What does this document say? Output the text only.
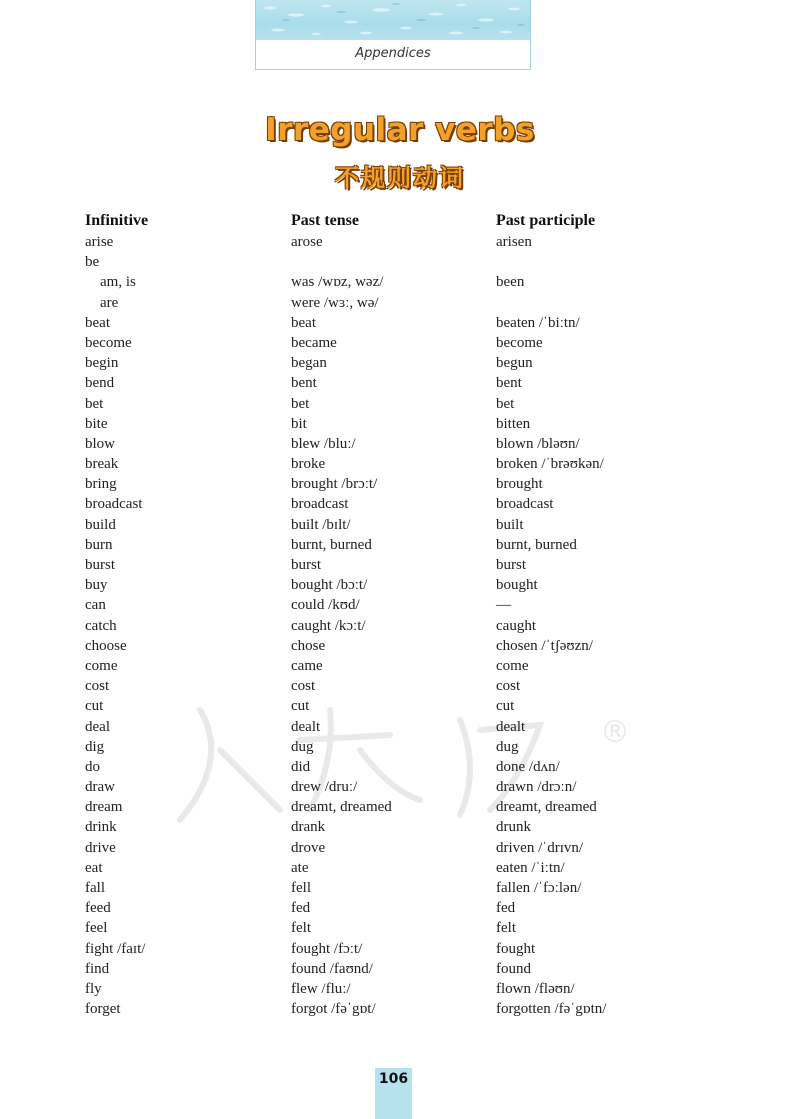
Appendices
Irregular verbs
不规则动词
®
Infinitive	Past tense	Past participle
arise	arose	arisen
be
am, is	was /wɒz, wəz/	been
are	were /wɜː, wə/
beat	beat	beaten /ˈbiːtn/
become	became	become
begin	began	begun
bend	bent	bent
bet	bet	bet
bite	bit	bitten
blow	blew /bluː/	blown /bləʊn/
break	broke	broken /ˈbrəʊkən/
bring	brought /brɔːt/	brought
broadcast	broadcast	broadcast
build	built /bɪlt/	built
burn	burnt, burned	burnt, burned
burst	burst	burst
buy	bought /bɔːt/	bought
can	could /kʊd/	—
catch	caught /kɔːt/	caught
choose	chose	chosen /ˈtʃəʊzn/
come	came	come
cost	cost	cost
cut	cut	cut
deal	dealt	dealt
dig	dug	dug
do	did	done /dʌn/
draw	drew /druː/	drawn /drɔːn/
dream	dreamt, dreamed	dreamt, dreamed
drink	drank	drunk
drive	drove	driven /ˈdrɪvn/
eat	ate	eaten /ˈiːtn/
fall	fell	fallen /ˈfɔːlən/
feed	fed	fed
feel	felt	felt
fight /faɪt/	fought /fɔːt/	fought
find	found /faʊnd/	found
fly	flew /fluː/	flown /fləʊn/
forget	forgot /fəˈgɒt/	forgotten /fəˈgɒtn/
106
